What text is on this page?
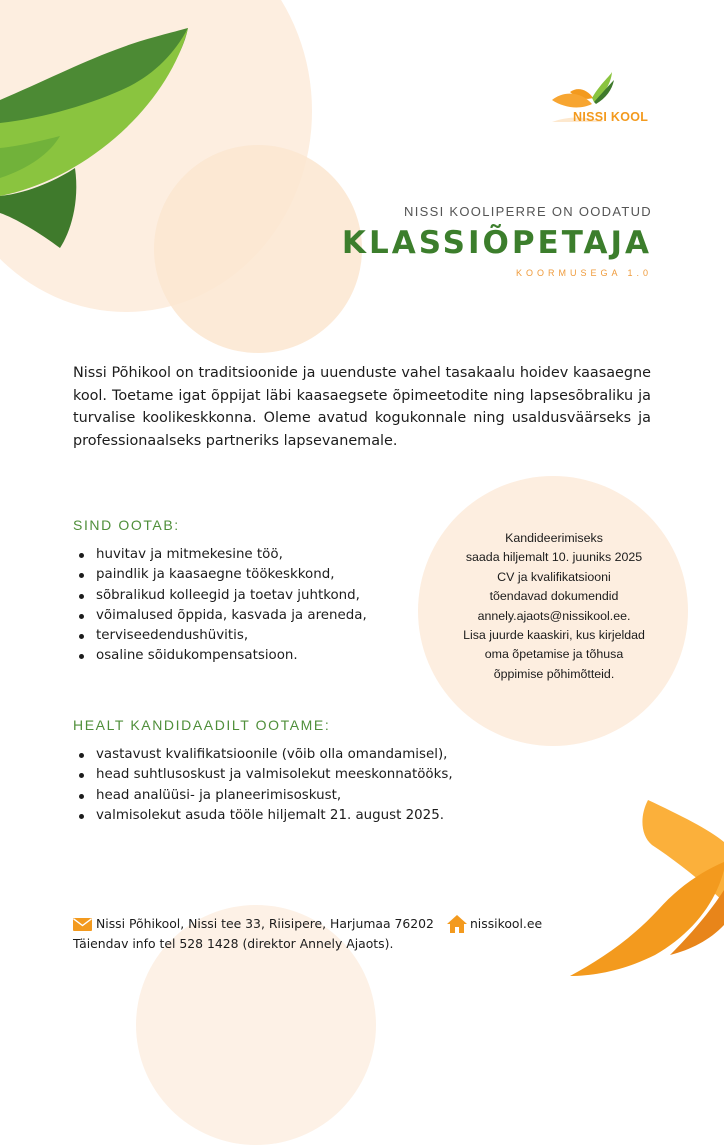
NISSI KOOL
NISSI KOOLIPERRE ON OODATUD
KLASSIÕPETAJA
KOORMUSEGA 1.0
Nissi Põhikool on traditsioonide ja uuenduste vahel tasakaalu hoidev kaasaegne kool. Toetame igat õppijat läbi kaasaegsete õpimeetodite ning lapsesõbraliku ja turvalise koolikeskkonna. Oleme avatud kogukonnale ning usaldusväärseks ja professionaalseks partneriks lapsevanemale.
SIND OOTAB:
huvitav ja mitmekesine töö,
paindlik ja kaasaegne töökeskkond,
sõbralikud kolleegid ja toetav juhtkond,
võimalused õppida, kasvada ja areneda,
terviseedendushüvitis,
osaline sõidukompensatsioon.
Kandideerimiseks
saada hiljemalt 10. juuniks 2025
CV ja kvalifikatsiooni
tõendavad dokumendid
annely.ajaots@nissikool.ee.
Lisa juurde kaaskiri, kus kirjeldad
oma õpetamise ja tõhusa
õppimise põhimõtteid.
HEALT KANDIDAADILT OOTAME:
vastavust kvalifikatsioonile (võib olla omandamisel),
head suhtlusoskust ja valmisolekut meeskonnatööks,
head analüüsi- ja planeerimisoskust,
valmisolekut asuda tööle hiljemalt 21. august 2025.
Nissi Põhikool, Nissi tee 33, Riisipere, Harjumaa 76202	nissikool.ee
Täiendav info tel 528 1428 (direktor Annely Ajaots).
